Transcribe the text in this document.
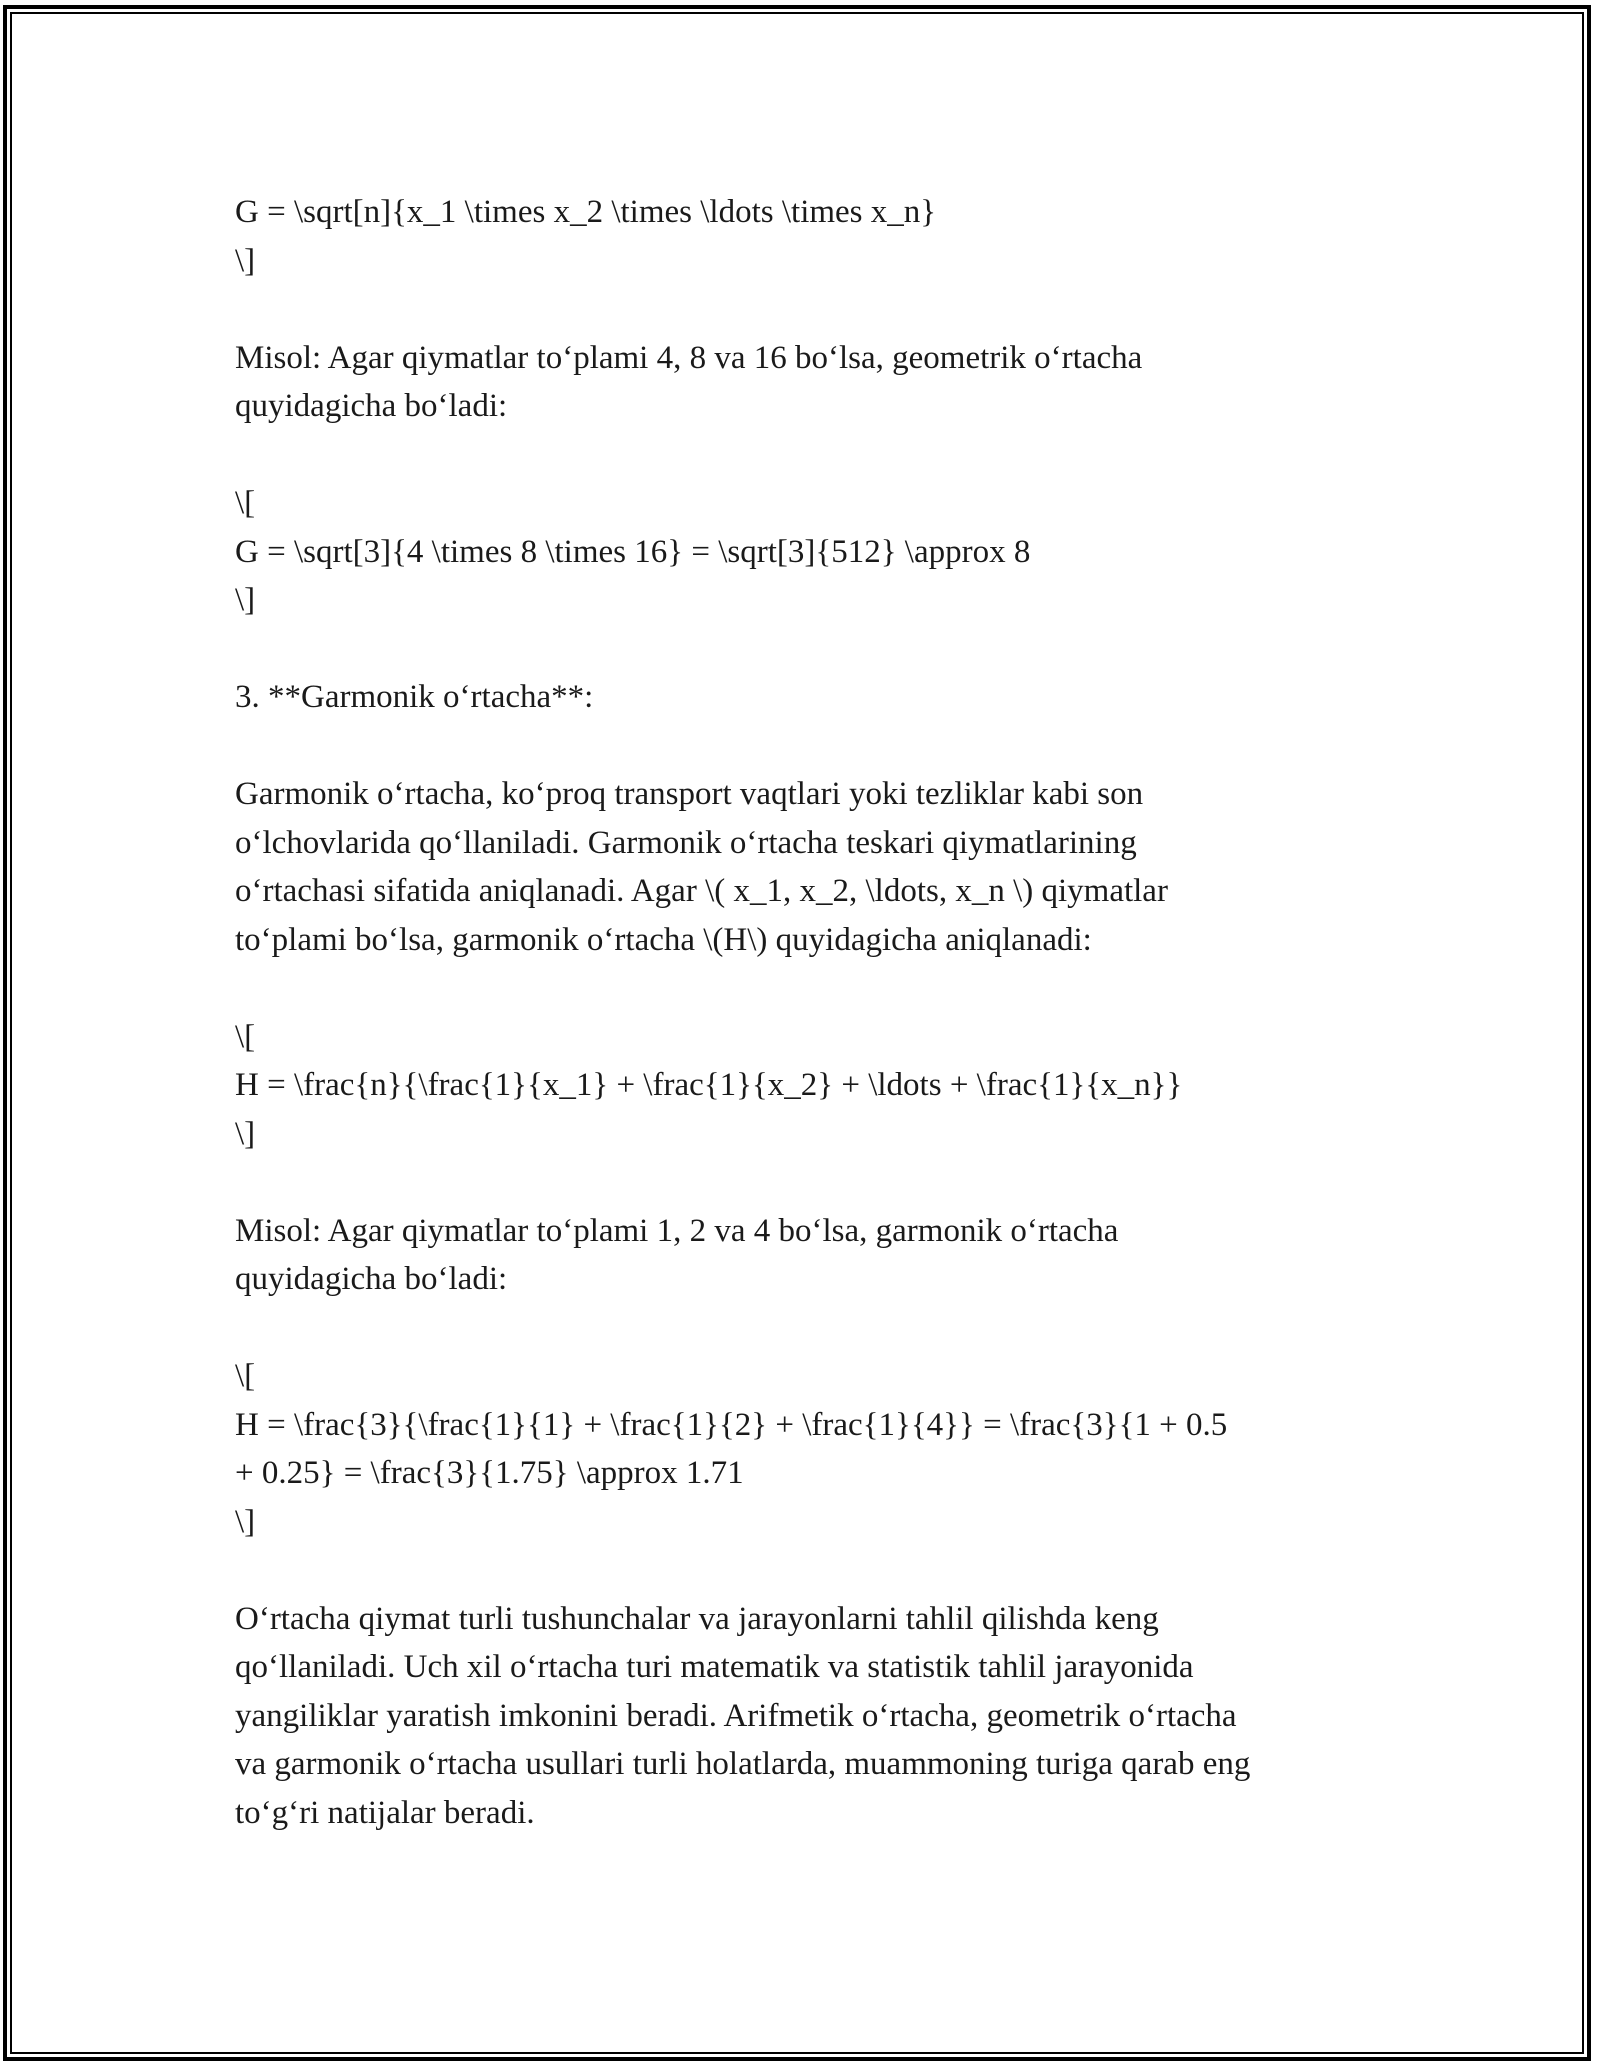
G = \sqrt[n]{x_1 \times x_2 \times \ldots \times x_n}
\]
Misol: Agar qiymatlar to‘plami 4, 8 va 16 bo‘lsa, geometrik o‘rtacha
quyidagicha bo‘ladi:
\[
G = \sqrt[3]{4 \times 8 \times 16} = \sqrt[3]{512} \approx 8
\]
3. **Garmonik o‘rtacha**:
Garmonik o‘rtacha, ko‘proq transport vaqtlari yoki tezliklar kabi son
o‘lchovlarida qo‘llaniladi. Garmonik o‘rtacha teskari qiymatlarining
o‘rtachasi sifatida aniqlanadi. Agar \( x_1, x_2, \ldots, x_n \) qiymatlar
to‘plami bo‘lsa, garmonik o‘rtacha \(H\) quyidagicha aniqlanadi:
\[
H = \frac{n}{\frac{1}{x_1} + \frac{1}{x_2} + \ldots + \frac{1}{x_n}}
\]
Misol: Agar qiymatlar to‘plami 1, 2 va 4 bo‘lsa, garmonik o‘rtacha
quyidagicha bo‘ladi:
\[
H = \frac{3}{\frac{1}{1} + \frac{1}{2} + \frac{1}{4}} = \frac{3}{1 + 0.5
+ 0.25} = \frac{3}{1.75} \approx 1.71
\]
O‘rtacha qiymat turli tushunchalar va jarayonlarni tahlil qilishda keng
qo‘llaniladi. Uch xil o‘rtacha turi matematik va statistik tahlil jarayonida
yangiliklar yaratish imkonini beradi. Arifmetik o‘rtacha, geometrik o‘rtacha
va garmonik o‘rtacha usullari turli holatlarda, muammoning turiga qarab eng
to‘g‘ri natijalar beradi.
